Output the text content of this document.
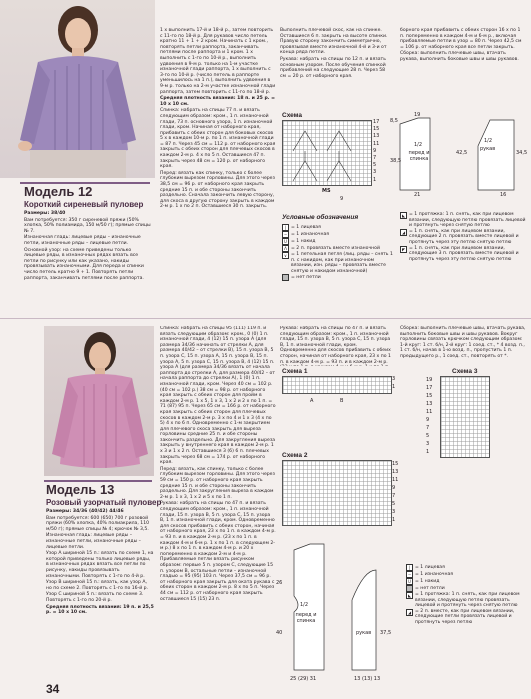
Модель 12
Короткий сиреневый пуловер

Размеры: 38/40

Вам потребуется: 350 г сиреневой пряжи (50% хлопка, 50% полиамида, 150 м/50 г); прямые спицы № 7.

Изнаночная гладь: лицевые ряды – изнаночные петли, изнаночные ряды – лицевые петли.

Основной узор: на схеме приведены только лицевые ряды, в изнаночных рядах вязать все петли по рисунку или как указано, накиды провязывать изнаночными. Для переда и спинки число петель кратно 9 + 1. Повторять петли раппорта, заканчивать петлями после раппорта.

1 х выполнить 17-й и 18-й р., затем повторить с 11-го по 18-й р. Для рукавов число петель кратно 11 + 1 + 2 кром. Начинать с 1 кром., повторять петли раппорта, заканчивать петлями после раппорта и 1 кром. 1 х выполнить с 1-го по 10-й р., выполнить удвоения в 9-м р. только на 1-м участке изнаночной глади раппорта, 1 х выполнить с 3-го по 10-й р. (число петель в раппорте уменьшилось на 1 п.), выполнить удвоения в 9-м р. только на 2-м участке изнаночной глади раппорта, затем повторить с 11-го по 18-й р.

Средняя плотность вязания: 18 п. и 25 р. = 10 х 10 см.

Спинка: набрать на спицы 77 п. и вязать следующим образом: кром., 1 п. изнаночной глади, 73 п. основного узора, 1 п. изнаночной глади, кром. Начиная от наборного края, прибавить с обеих сторон для боковых скосов 5 х в каждом 10-м р. по 1 п. изнаночной глади = 87 п. Через 45 см = 112 р. от наборного края закрыть с обеих сторон для плечевых скосов в каждом 2-м р. 4 х по 5 п. Оставшиеся 47 п. закрыть через 48 см = 120 р. от наборного края.

Перед: вязать как спинку, только с более глубоким вырезом горловины. Для этого через 38,5 см = 96 р. от наборного края закрыть средние 15 п. и обе стороны закончить раздельно. Сначала закончить левую сторону, для скоса в другую сторону закрыть в каждом 2-м р. 1 х по 2 п. Оставшиеся 30 п. закрыть.

Выполнить плечевой скос, как на спинке. Оставшиеся 6 п. закрыть на высоте спинки. Правую сторону закончить симметрично, провязывая вместе изнаночной 4-й и 3-и от конца ряда петли.

Рукава: набрать на спицы по 12 п. и вязать основным узором. После обучения спинкой прибавлений на следующие 28 п. Через 58 см = 20 р. от наборного края.

борного края прибавить с обеих сторон 16 х по 1 п. попеременно в каждом 4-м и 6-м р., включая прибавляемые петли в узор = 80 п. Через 42,5 см = 106 р. от наборного края все петли закрыть.

Сборка: выполнить плечевые швы, втачать рукава, выполнить боковые швы и швы рукавов.

Схема
17
15
13
11
9
7
5
3
1
MS
9
перед и спинка
1/2
рукав
1/2
8,5
19
38,5
42,5
21	16
34,5
Условные обозначения
|	= 1 лицевая
− = 1 изнаночная
U = 1 накид
Λ = 2 п. провязать вместе изнаночной
∨ = 1 петельная петля (лиц. ряды – снять 1 п. с накидом, как при изнаночном вязании, изн. ряды – провязать вместе снятую и накидом изнаночной)
= нет петли
◣ = 1 протяжка: 1 п. снять, как при лицевом вязании, следующую петлю провязать лицевой и протянуть через снятую петлю
◢ = 1 п. снять, как при лицевом вязании, следующие 2 п. провязать вместе лицевой и протянуть через эту петлю снятую петлю
◤ = 1 п. снять, как при лицевом вязании, следующие 3 п. провязать вместе лицевой и протянуть через эту петлю снятую петлю
Модель 13
Розовый узорчатый пуловер

Размеры: 34/36 (40/42) 44/46

Вам потребуется: 600 (650) 700 г розовой пряжи (60% хлопка, 40% полиакрила, 110 м/50 г); прямые спицы № 4; крючок № 3,5.

Изнаночная гладь: лицевые ряды – изнаночные петли, изнаночные ряды – лицевые петли.

Узор А шириной 15 п.: вязать по схеме 1, на которой приведены только лицевые ряды, в изнаночных рядах вязать все петли по рисунку, накиды провязывать изнаночными. Повторять с 1-го по 4-й р.

Узор B шириной 15 п.: вязать, как узор А, но по схеме 2. Повторять с 1-го по 16-й р.

Узор C шириной 5 п.: вязать по схеме 3. Повторять с 1-го по 20-й р.

Средняя плотность вязания: 19 п. и 25,5 р. = 10 х 10 см.

34

Спинка: набрать на спицы 95 (111) 119 п. и вязать следующим образом: кром., 0 (0) 1 п. изнаночной глади, 4 (12) 15 п. узора А (для размера 34/36 начинать от стрелки А, для размера 40/42 – от стрелки B), 15 п. узора B, 5 п. узора C, 15 п. узора A, 15 п. узора B, 15 п. узора A, 5 п. узора C, 15 п. узора B, 4 (12) 15 п. узора А (для размера 34/36 вязать от начала раппорта до стрелки A, для размера 40/42 – от начала раппорта до стрелки A), 1 (0) 1 п. изнаночной глади, кром. Через 40 см = 102 р. (40 см = 102 р.) 38 см = 98 р. от наборного края закрыть с обеих сторон для пройм в каждом 2-м р. 1 х 5, 1 х 3, 1 х 2 и 2 х по 1 п. = 71 (87) 95 п. Через 65 см = 166 р. от наборного края закрыть с обеих сторон для плечевых скосов в каждом 2-м р. 3 х по 4 и 1 х 3 (4 х по 5) 4 х по 6 п. Одновременно с 1-м закрытием для плечевого скоса закрыть для выреза горловины средние 25 п. и обе стороны закончить раздельно. Для закругления выреза закрыть у внутреннего края в каждом 2-м р. 1 х 3 и 1 х 2 п. Оставшиеся 3 (6) 6 п. плечевых закрыть через 68 см = 174 р. от наборного края.

Перед: вязать, как спинку, только с более глубоким вырезом горловины. Для этого через 59 см = 150 р. от наборного края закрыть средние 15 п. и обе стороны закончить раздельно. Для закругления выреза в каждом 2-м р. 1 х 3, 1 х 2 и 5 х по 1 п.

Рукава: набрать на спицы по 47 п. и вязать следующим образом: кром., 1 п. изнаночной глади, 15 п. узора B, 5 п. узора C, 15 п. узора B, 1 п. изнаночной глади, кром. Одновременно для скосов прибавить с обеих сторон, начиная от наборного края, 23 х по 1 п. в каждом 4-м р. = 93 п. и в каждом 2-м р. (23 х по 1 п. в каждом 4-м и 6-м р. 1 х по 1 п. в следующем 2-м р.) 8 х по 1 п. в каждом 4-м р. и 20 х попеременно в каждом 2-м и 4-м р. Прибавляемые петли вязать рисунком образом: первые 5 п. узором C, следующие 15 п. узором B, остальные петли – изнаночной гладью = 95 (95) 103 п. Через 37,5 см = 96 р. от наборного края закрыть для оката рукава с обеих сторон в каждом 2-м р. 8 х по 5 п. Через 44 см = 112 р. от наборного края закрыть оставшиеся 15 (15) 23 п.

Рукава: набрать на спицы по 47 п. и вязать следующим образом: кром., 1 п. изнаночной глади, 15 п. узора B, 5 п. узора C, 15 п. узора B, 1 п. изнаночной глади, кром. Одновременно для скосов прибавить с обеих сторон, начиная от наборного края, 23 х по 1 п. в каждом 4-м р. = 93 п. и в каждом 2-м р.

Сборка: выполнить плечевые швы, втачать рукава, выполнить боковые швы и швы рукавов. Вокруг горловины связать крючком следующим образом: 1-й круг: 1 ст. б/н, 2-й круг: 1 соед. ст., * 4 возд. п., 1 ст. б/н, начав в 1-ю возд. п., пропустить 1 п. предыдущего р., 1 соед. ст., повторять от *.

Схема 1
3
1
A	B
Схема 2
15
13
11
9
7
5
3
1
Схема 3
19
17
15
13
11
9
7
5
3
1
перед и спинка
1/2
рукав
25 (29) 31	13 (13) 13
26
40	37,5
|	= 1 лицевая
− = 1 изнаночная
U = 1 накид
= нет петли
◣ = 1 протяжка: 1 п. снять, как при лицевом вязании, следующую петлю провязать лицевой и протянуть через снятую петлю
◢ = 2 п. вместе, как при лицевом вязании, следующие петли провязать лицевой и протянуть через петлю
